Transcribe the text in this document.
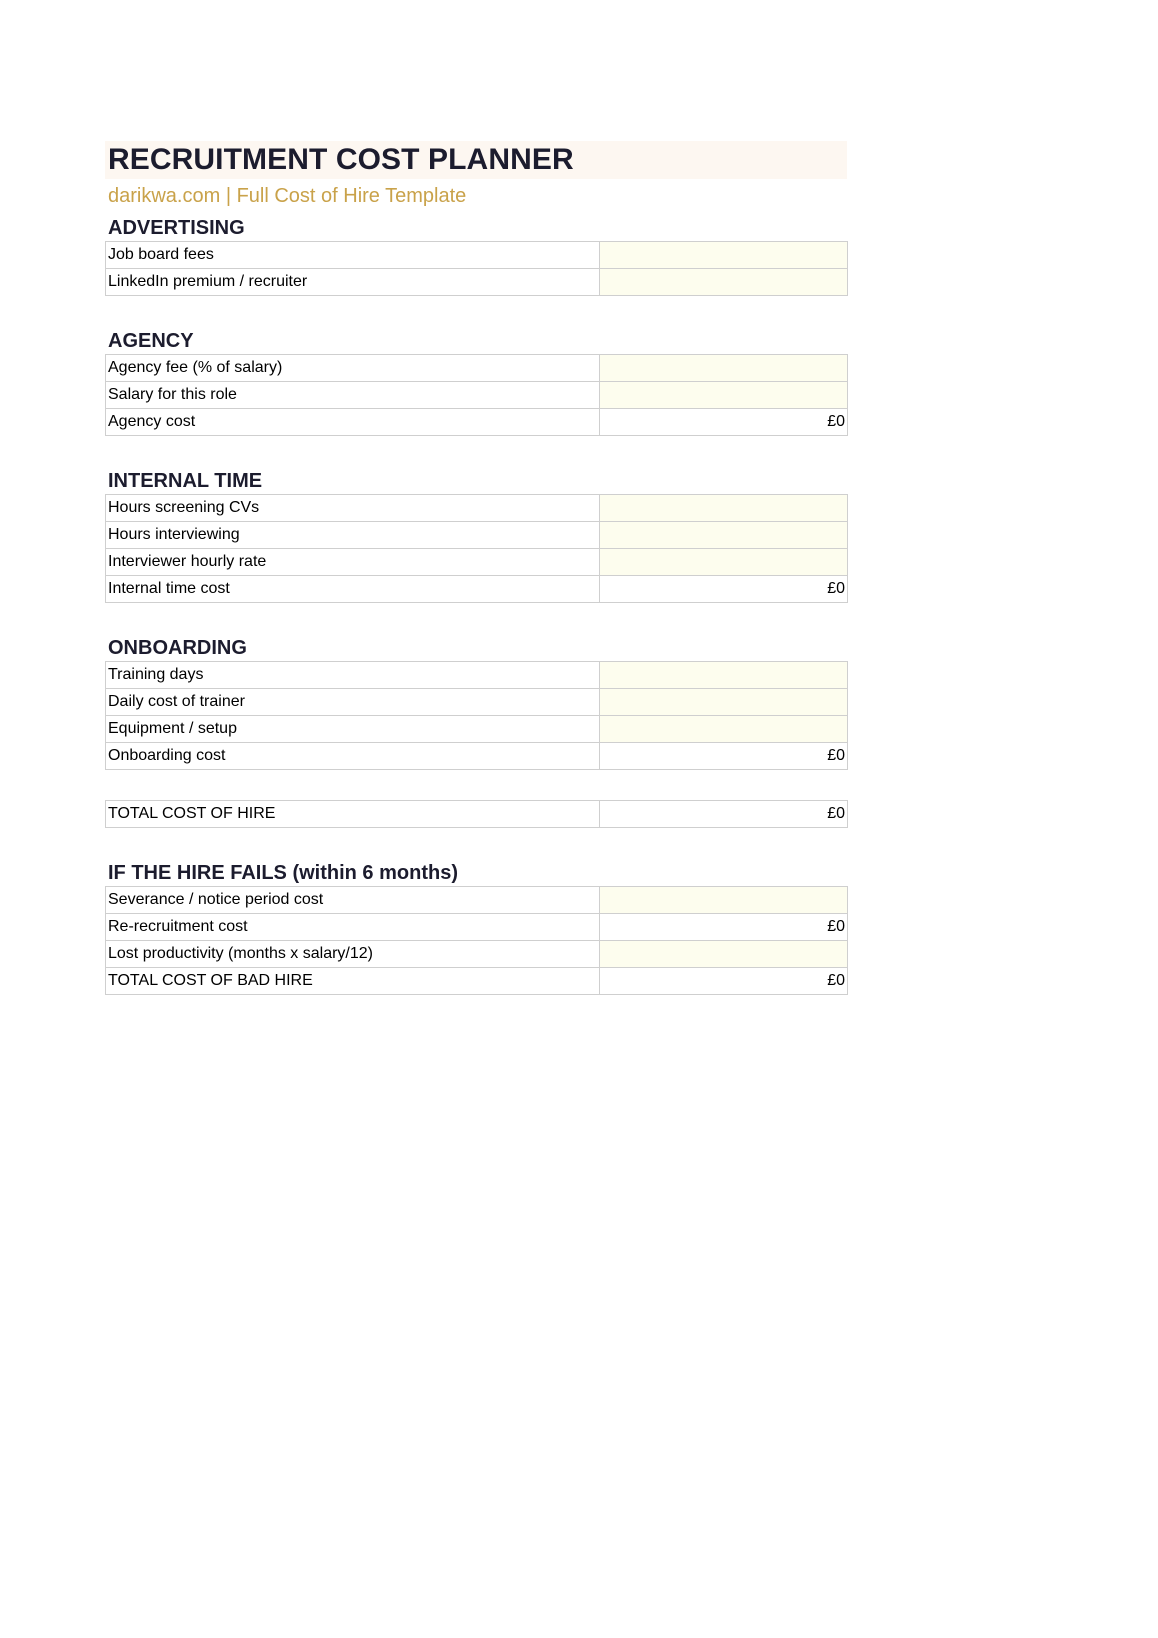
RECRUITMENT COST PLANNER
darikwa.com | Full Cost of Hire Template
ADVERTISING
Job board fees	
LinkedIn premium / recruiter	
AGENCY
Agency fee (% of salary)	
Salary for this role	
Agency cost	£0
INTERNAL TIME
Hours screening CVs	
Hours interviewing	
Interviewer hourly rate	
Internal time cost	£0
ONBOARDING
Training days	
Daily cost of trainer	
Equipment / setup	
Onboarding cost	£0
TOTAL COST OF HIRE	£0
IF THE HIRE FAILS (within 6 months)
Severance / notice period cost	
Re-recruitment cost	£0
Lost productivity (months x salary/12)	
TOTAL COST OF BAD HIRE	£0
